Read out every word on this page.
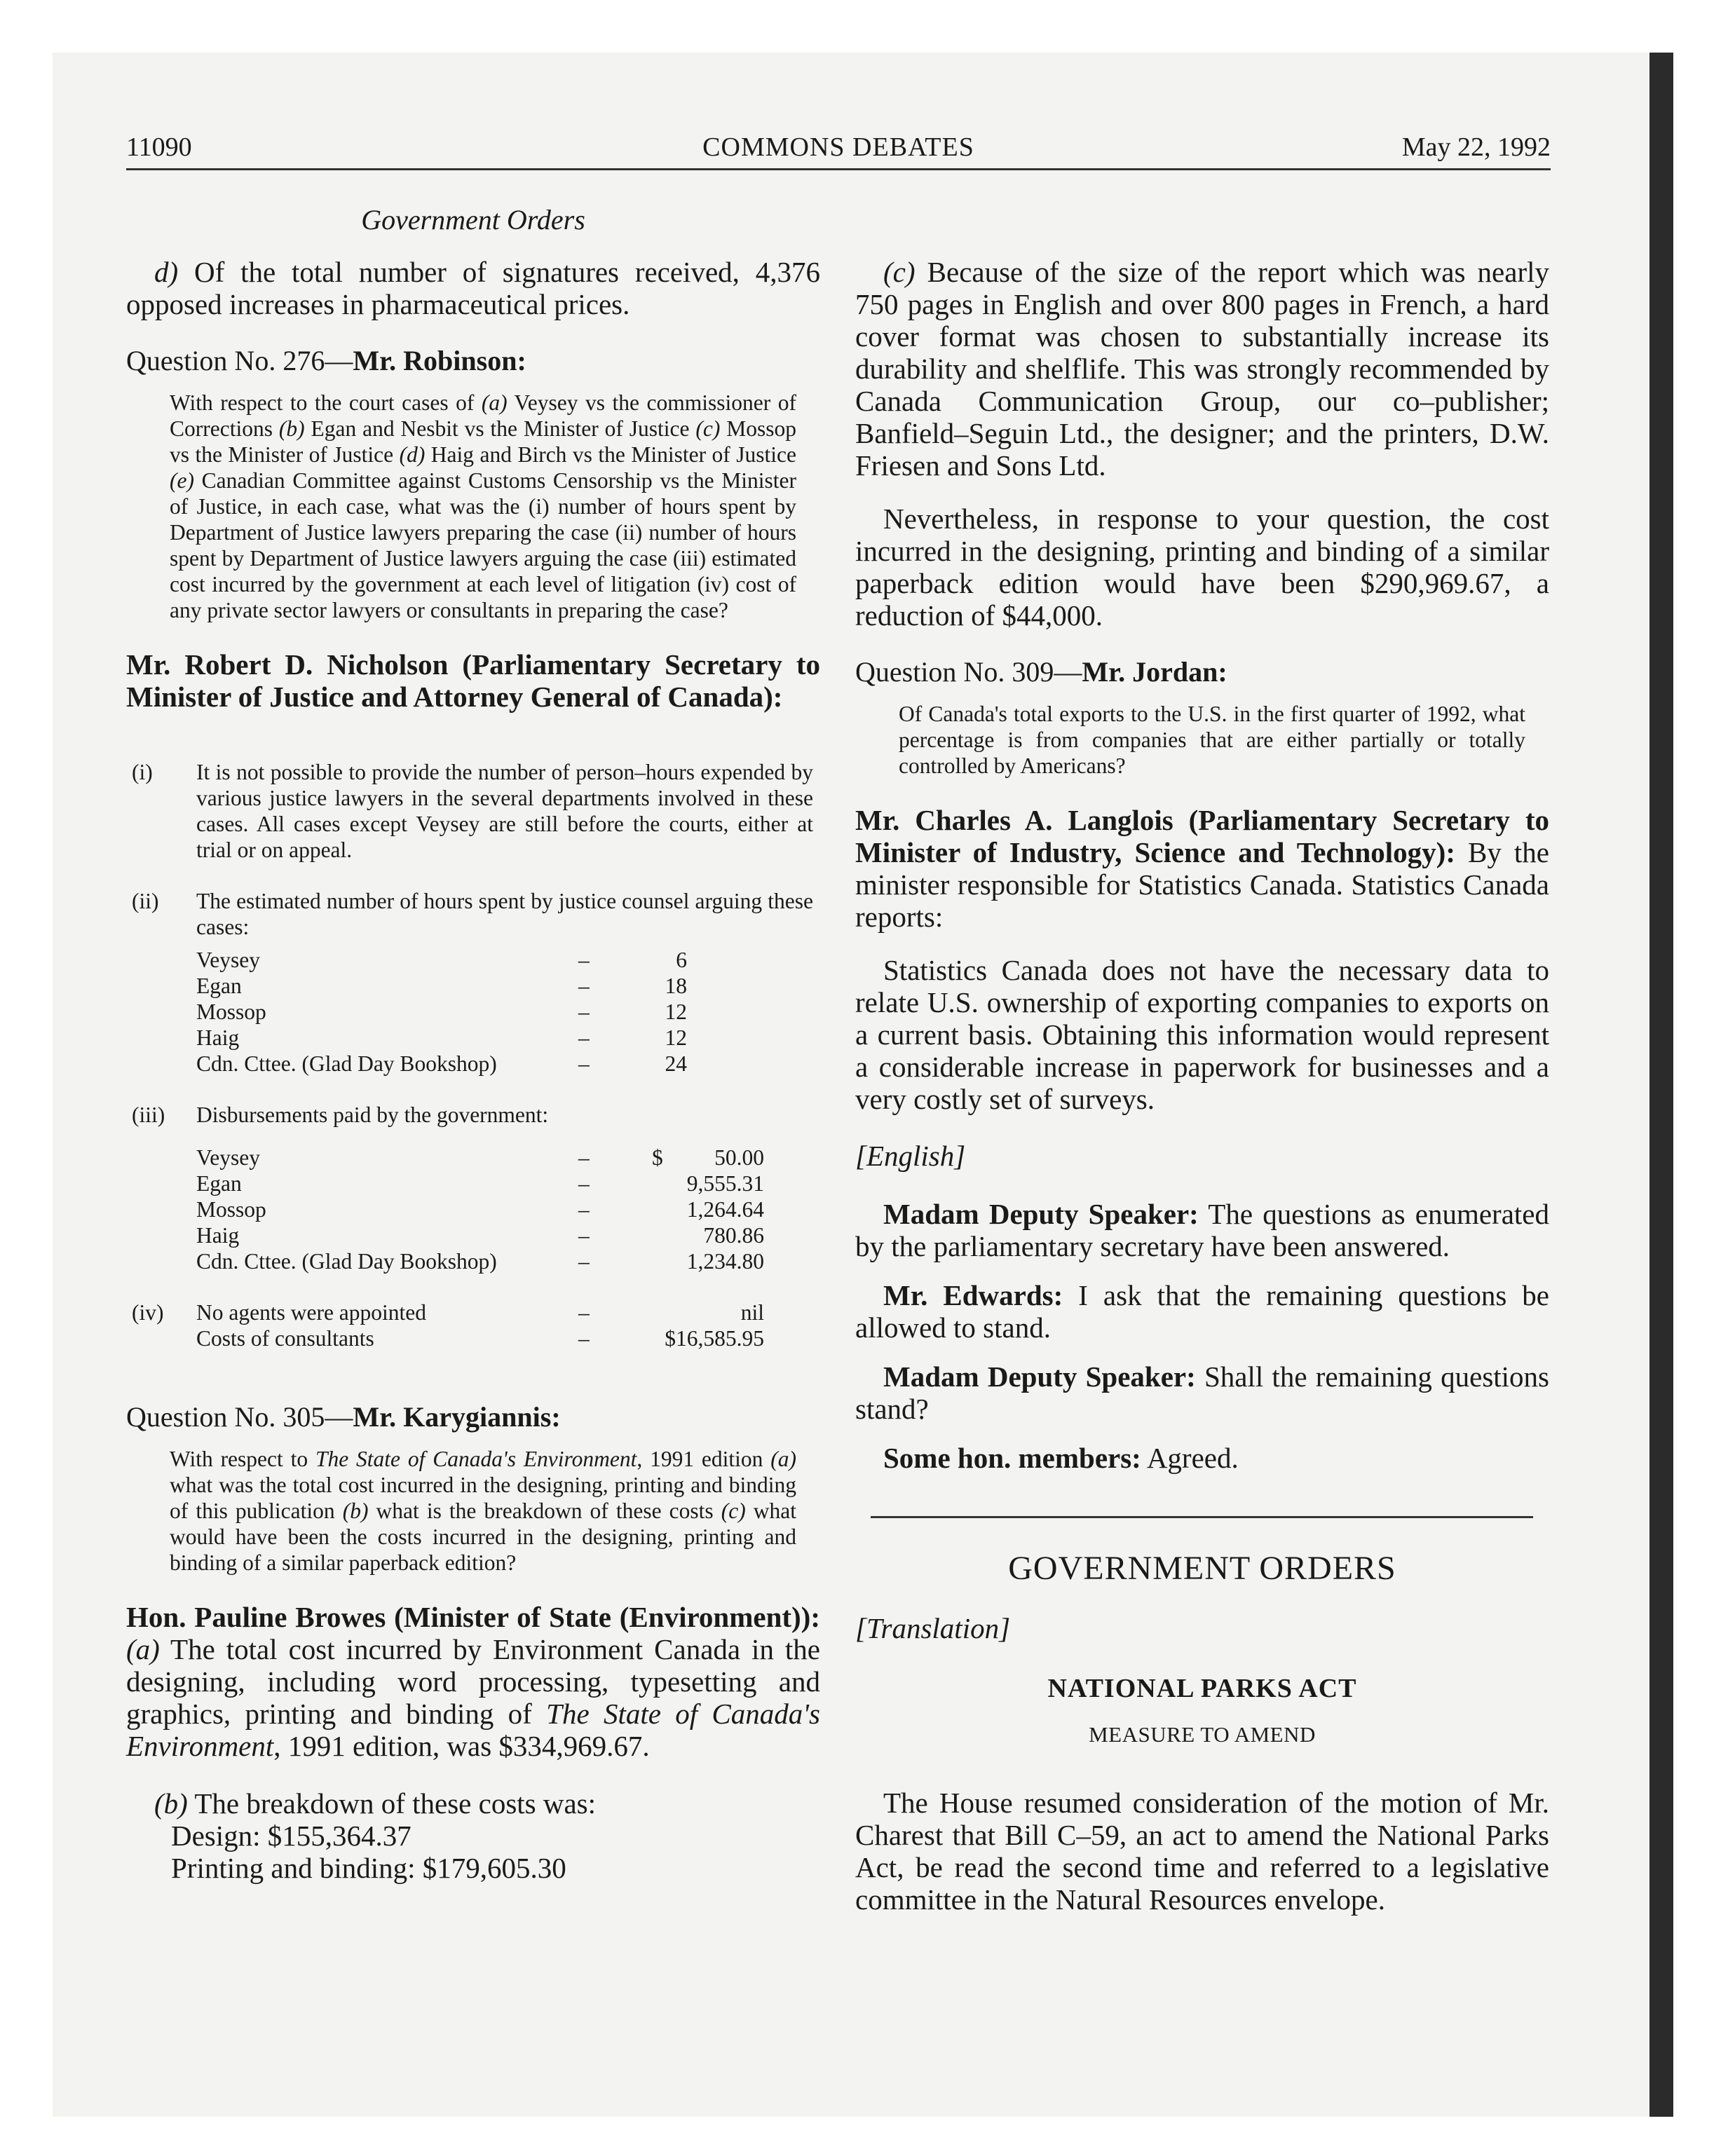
11090	COMMONS DEBATES	May 22, 1992
Government Orders

d) Of the total number of signatures received, 4,376 opposed increases in pharmaceutical prices.

Question No. 276—Mr. Robinson:

With respect to the court cases of (a) Veysey vs the commissioner of Corrections (b) Egan and Nesbit vs the Minister of Justice (c) Mossop vs the Minister of Justice (d) Haig and Birch vs the Minister of Justice (e) Canadian Committee against Customs Censorship vs the Minister of Justice, in each case, what was the (i) number of hours spent by Department of Justice lawyers preparing the case (ii) number of hours spent by Department of Justice lawyers arguing the case (iii) estimated cost incurred by the government at each level of litigation (iv) cost of any private sector lawyers or consultants in preparing the case?

Mr. Robert D. Nicholson (Parliamentary Secretary to Minister of Justice and Attorney General of Canada):

(i) It is not possible to provide the number of person–hours expended by various justice lawyers in the several departments involved in these cases. All cases except Veysey are still before the courts, either at trial or on appeal.
(ii) The estimated number of hours spent by justice counsel arguing these cases:
Veysey	–	6
Egan	–	18
Mossop	–	12
Haig	–	12
Cdn. Cttee. (Glad Day Bookshop)	–	24
(iii) Disbursements paid by the government:
Veysey	–	$	50.00
Egan	–		9,555.31
Mossop	–		1,264.64
Haig	–		780.86
Cdn. Cttee. (Glad Day Bookshop)	–		1,234.80
(iv) No agents were appointed	–	nil
Costs of consultants	–	$16,585.95

Question No. 305—Mr. Karygiannis:

With respect to The State of Canada's Environment, 1991 edition (a) what was the total cost incurred in the designing, printing and binding of this publication (b) what is the breakdown of these costs (c) what would have been the costs incurred in the designing, printing and binding of a similar paperback edition?

Hon. Pauline Browes (Minister of State (Environment)): (a) The total cost incurred by Environment Canada in the designing, including word processing, typesetting and graphics, printing and binding of The State of Canada's Environment, 1991 edition, was $334,969.67.

(b) The breakdown of these costs was:

Design: $155,364.37

Printing and binding: $179,605.30

(c) Because of the size of the report which was nearly 750 pages in English and over 800 pages in French, a hard cover format was chosen to substantially increase its durability and shelflife. This was strongly recommended by Canada Communication Group, our co–publisher; Banfield–Seguin Ltd., the designer; and the printers, D.W. Friesen and Sons Ltd.

Nevertheless, in response to your question, the cost incurred in the designing, printing and binding of a similar paperback edition would have been $290,969.67, a reduction of $44,000.

Question No. 309—Mr. Jordan:

Of Canada's total exports to the U.S. in the first quarter of 1992, what percentage is from companies that are either partially or totally controlled by Americans?

Mr. Charles A. Langlois (Parliamentary Secretary to Minister of Industry, Science and Technology): By the minister responsible for Statistics Canada. Statistics Canada reports:

Statistics Canada does not have the necessary data to relate U.S. ownership of exporting companies to exports on a current basis. Obtaining this information would represent a considerable increase in paperwork for businesses and a very costly set of surveys.

[English]

Madam Deputy Speaker: The questions as enumerated by the parliamentary secretary have been answered.

Mr. Edwards: I ask that the remaining questions be allowed to stand.

Madam Deputy Speaker: Shall the remaining questions stand?

Some hon. members: Agreed.

GOVERNMENT ORDERS

[Translation]

NATIONAL PARKS ACT

MEASURE TO AMEND

The House resumed consideration of the motion of Mr. Charest that Bill C–59, an act to amend the National Parks Act, be read the second time and referred to a legislative committee in the Natural Resources envelope.
